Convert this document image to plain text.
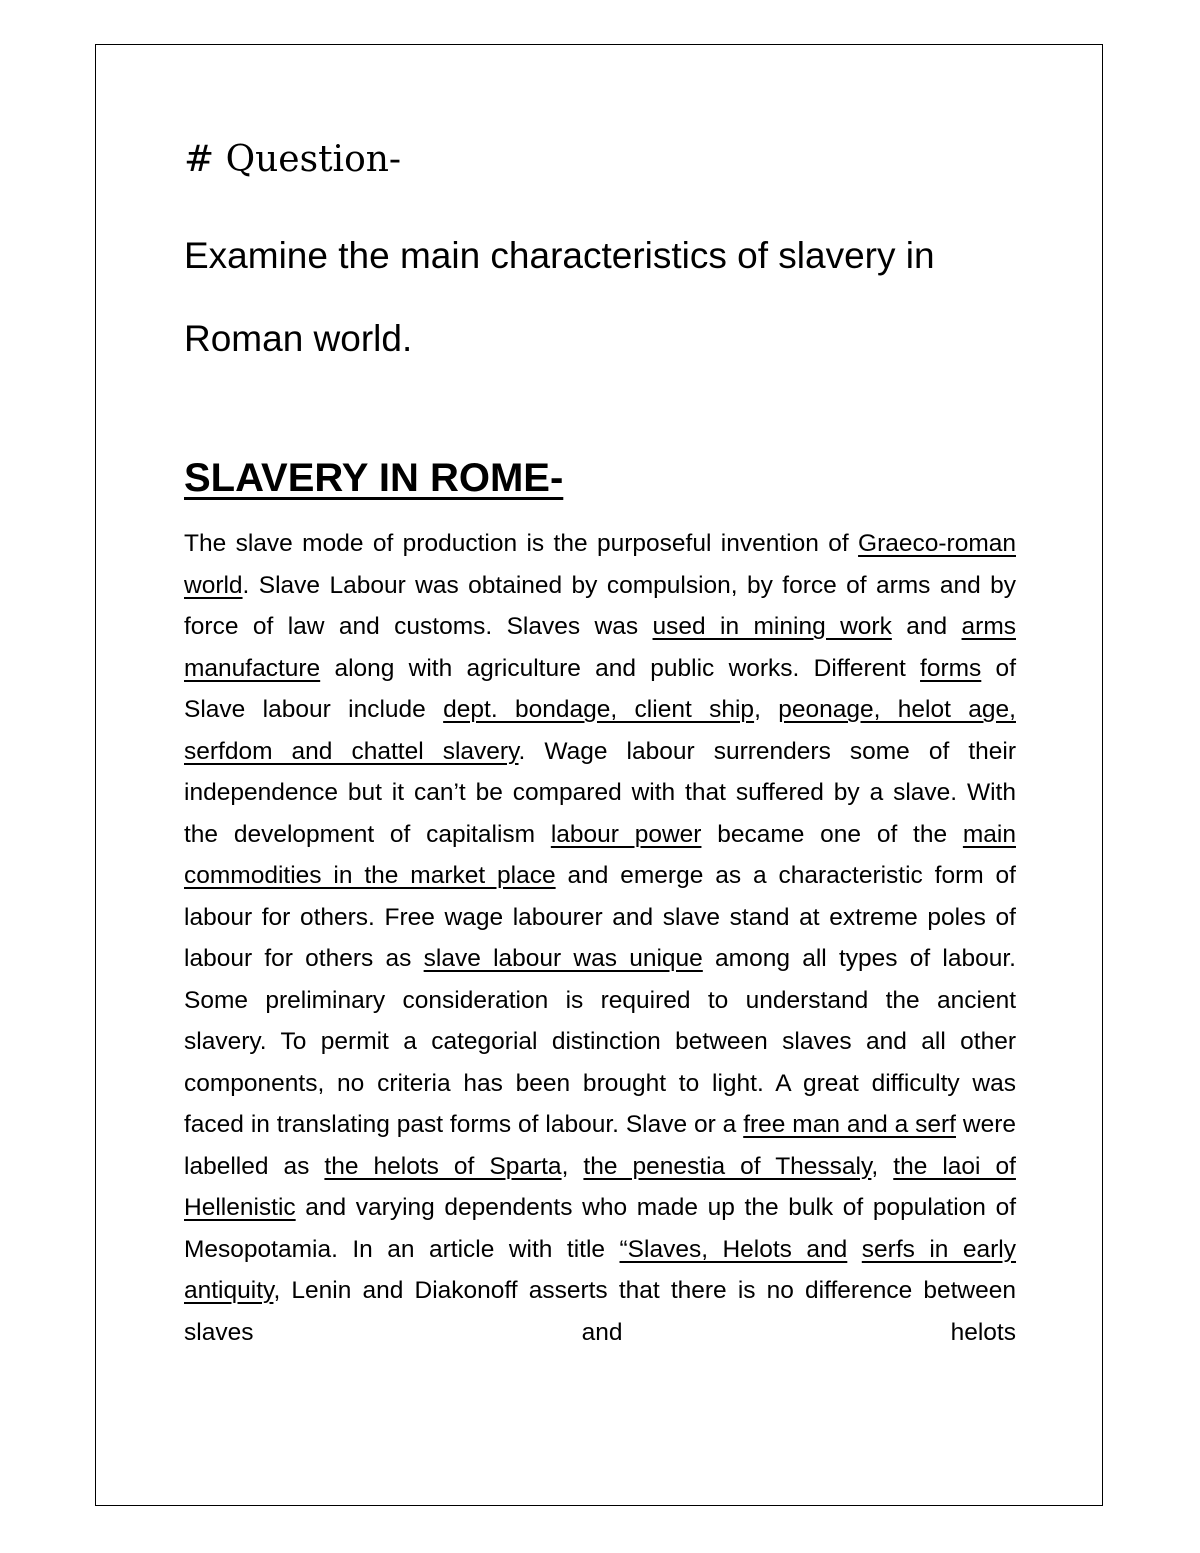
# Question-

Examine the main characteristics of slavery in Roman world.

SLAVERY IN ROME-

The slave mode of production is the purposeful invention of Graeco-roman world. Slave Labour was obtained by compulsion, by force of arms and by force of law and customs. Slaves was used in mining work and arms manufacture along with agriculture and public works. Different forms of Slave labour include dept. bondage, client ship, peonage, helot age, serfdom and chattel slavery. Wage labour surrenders some of their independence but it can’t be compared with that suffered by a slave. With the development of capitalism labour power became one of the main commodities in the market place and emerge as a characteristic form of labour for others. Free wage labourer and slave stand at extreme poles of labour for others as slave labour was unique among all types of labour. Some preliminary consideration is required to understand the ancient slavery. To permit a categorial distinction between slaves and all other components, no criteria has been brought to light. A great difficulty was faced in translating past forms of labour. Slave or a free man and a serf were labelled as the helots of Sparta, the penestia of Thessaly, the laoi of Hellenistic and varying dependents who made up the bulk of population of Mesopotamia. In an article with title “Slaves, Helots and serfs in early antiquity, Lenin and Diakonoff asserts that there is no difference between slaves and helots
